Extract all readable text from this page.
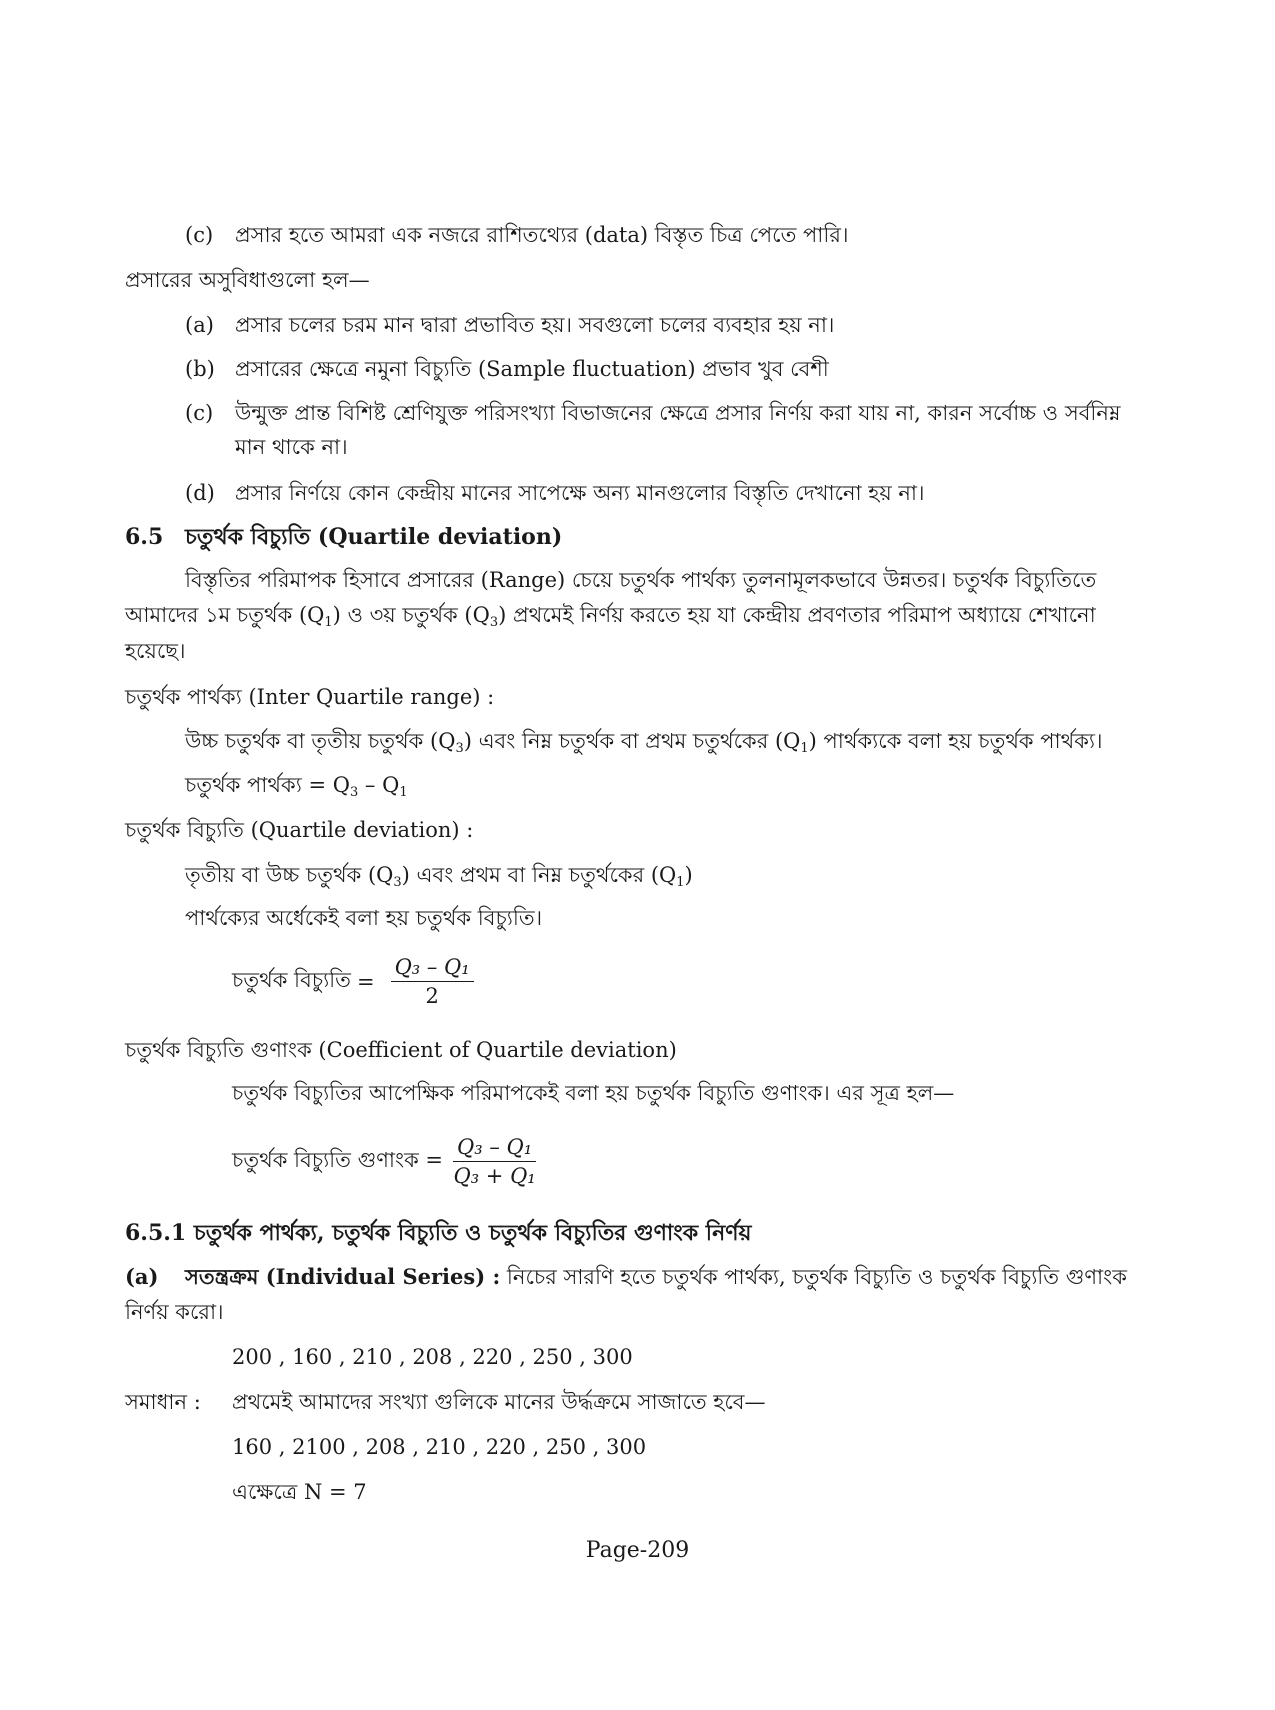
(c) প্রসার হতে আমরা এক নজরে রাশিতথ্যের (data) বিস্তৃত চিত্র পেতে পারি।
প্রসারের অসুবিধাগুলো হল—
(a) প্রসার চলের চরম মান দ্বারা প্রভাবিত হয়। সবগুলো চলের ব্যবহার হয় না।
(b) প্রসারের ক্ষেত্রে নমুনা বিচ্যুতি (Sample fluctuation) প্রভাব খুব বেশী
(c) উন্মুক্ত প্রান্ত বিশিষ্ট শ্রেণিযুক্ত পরিসংখ্যা বিভাজনের ক্ষেত্রে প্রসার নির্ণয় করা যায় না, কারন সর্বোচ্চ ও সর্বনিম্ন
মান থাকে না।
(d) প্রসার নির্ণয়ে কোন কেন্দ্রীয় মানের সাপেক্ষে অন্য মানগুলোর বিস্তৃতি দেখানো হয় না।
6.5 চতুর্থক বিচ্যুতি (Quartile deviation)
বিস্তৃতির পরিমাপক হিসাবে প্রসারের (Range) চেয়ে চতুর্থক পার্থক্য তুলনামূলকভাবে উন্নতর। চতুর্থক বিচ্যুতিতে
আমাদের ১ম চতুর্থক $(Q_1)$ ও ৩য় চতুর্থক $(Q_3)$ প্রথমেই নির্ণয় করতে হয় যা কেন্দ্রীয় প্রবণতার পরিমাপ অধ্যায়ে শেখানো
হয়েছে।
চতুর্থক পার্থক্য (Inter Quartile range) :
উচ্চ চতুর্থক বা তৃতীয় চতুর্থক $(Q_3)$ এবং নিম্ন চতুর্থক বা প্রথম চতুর্থকের $(Q_1)$ পার্থক্যকে বলা হয় চতুর্থক পার্থক্য।
চতুর্থক পার্থক্য = $Q_3 - Q_1$
চতুর্থক বিচ্যুতি (Quartile deviation) :
তৃতীয় বা উচ্চ চতুর্থক $(Q_3)$ এবং প্রথম বা নিম্ন চতুর্থকের $(Q_1)$
পার্থক্যের অর্ধেকেই বলা হয় চতুর্থক বিচ্যুতি।
চতুর্থক বিচ্যুতি = $\frac{\text{Q₃ – Q₁}}{2}$
চতুর্থক বিচ্যুতি গুণাংক (Coefficient of Quartile deviation)
চতুর্থক বিচ্যুতির আপেক্ষিক পরিমাপকেই বলা হয় চতুর্থক বিচ্যুতি গুণাংক। এর সূত্র হল—
চতুর্থক বিচ্যুতি গুণাংক = $\frac{\text{Q₃ – Q₁}}{\text{Q₃ + Q₁}}$
6.5.1 চতুর্থক পার্থক্য, চতুর্থক বিচ্যুতি ও চতুর্থক বিচ্যুতির গুণাংক নির্ণয়
(a) সতন্ত্রক্রম (Individual Series) : নিচের সারণি হতে চতুর্থক পার্থক্য, চতুর্থক বিচ্যুতি ও চতুর্থক বিচ্যুতি গুণাংক
নির্ণয় করো।
200 , 160 , 210 , 208 , 220 , 250 , 300
সমাধান : প্রথমেই আমাদের সংখ্যা গুলিকে মানের উর্দ্ধক্রমে সাজাতে হবে—
160 , 2100 , 208 , 210 , 220 , 250 , 300
এক্ষেত্রে N = 7
Page-209
